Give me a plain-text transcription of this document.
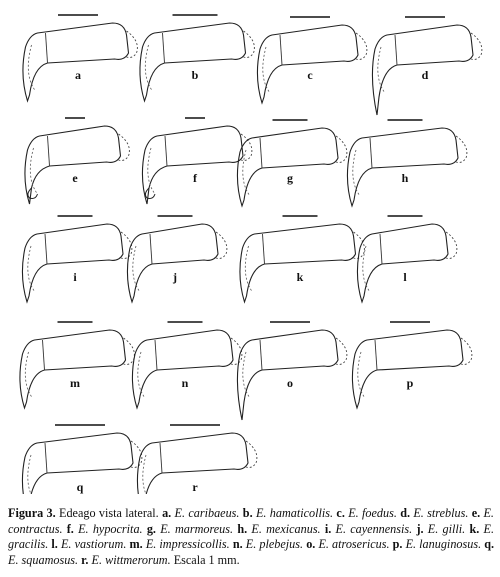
a	b	c	d
e	f	g	h
i	j	k	l
m	n	o	p
q	r
Figura 3. Edeago vista lateral. a. E. caribaeus. b. E. hamaticollis. c. E. foedus. d. E. streblus. e. E. contractus. f. E. hypocrita. g. E. marmoreus. h. E. mexicanus. i. E. cayennensis. j. E. gilli. k. E. gracilis. l. E. vastiorum. m. E. impressicollis. n. E. plebejus. o. E. atrosericus. p. E. lanuginosus. q. E. squamosus. r. E. wittmerorum. Escala 1 mm.
